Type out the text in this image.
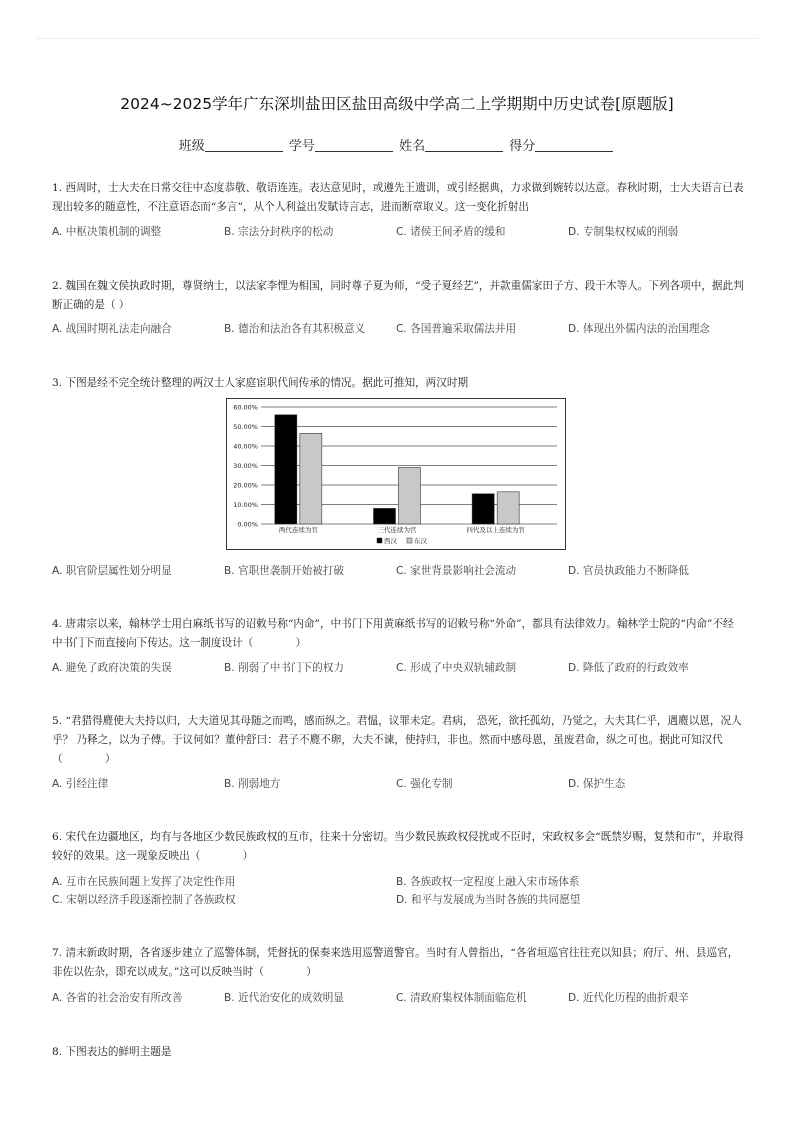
2024~2025学年广东深圳盐田区盐田高级中学高二上学期期中历史试卷[原题版]
班级	学号	姓名	得分
1. 西周时，士大夫在日常交往中态度恭敬、敬语连连。表达意见时，或遵先王遗训，或引经据典，力求做到婉转以达意。春秋时期，士大夫语言已表现出较多的随意性，不注意语态而“多言”，从个人利益出发賦诗言志，进而断章取义。这一变化折射出
A. 中枢决策机制的调整	B. 宗法分封秩序的松动	C. 诸侯王间矛盾的缓和	D. 专制集权权威的削弱
2. 魏国在魏文侯执政时期，尊贤纳士，以法家李悝为相国，同时尊子夏为师，“受子夏经艺”，并款重儒家田子方、段干木等人。下列各项中，据此判断正确的是（ ）
A. 战国时期礼法走向融合	B. 德治和法治各有其积极意义	C. 各国普遍采取儒法并用	D. 体现出外儒内法的治国理念
3. 下图是经不完全统计整理的两汉士人家庭宦职代间传承的情况。据此可推知，两汉时期
60.00%
50.00%
40.00%
30.00%
20.00%
10.00%
0.00%
两代连续为官	三代连续为官	四代及以上连续为官
西汉	东汉
A. 职官阶层属性划分明显	B. 官职世袭制开始被打破	C. 家世背景影响社会流动	D. 官员执政能力不断降低
4. 唐肃宗以来，翰林学士用白麻纸书写的诏敕号称“内命”，中书门下用黄麻纸书写的诏敕号称“外命”，都具有法律效力。翰林学士院的“内命”不经中书门下而直接向下传达。这一制度设计（　　　　）
A. 避免了政府决策的失误	B. 削弱了中书门下的权力	C. 形成了中央双轨辅政制	D. 降低了政府的行政效率
5. “君猎得麑使大夫持以归，大夫道见其母随之而鸣，感而纵之。君愠，议罪未定。君病， 恐死，欲托孤幼，乃觉之，大夫其仁乎，遇麑以恩，况人乎？ 乃释之，以为子傅。于议何如？董仲舒曰：君子不麑不卵，大夫不谏，使持归，非也。然而中感母恩，虽废君命，纵之可也。据此可知汉代（　　　　）
A. 引经注律	B. 削弱地方	C. 强化专制	D. 保护生态
6. 宋代在边疆地区，均有与各地区少数民族政权的互市，往来十分密切。当少数民族政权侵扰或不臣时，宋政权多会“既禁岁赐，复禁和市”，并取得较好的效果。这一现象反映出（　　　　）
A. 互市在民族间题上发挥了决定性作用	B. 各族政权一定程度上融入宋市场体系
C. 宋朝以经济手段逐渐控制了各族政权	D. 和平与发展成为当时各族的共同愿望
7. 清末新政时期，各省逐步建立了巡警体制，凭督抚的保奏来选用巡警道警官。当时有人曾指出，“各省垣巡官往往充以知县；府厅、州、县巡官，非佐以佐杂，即充以成友。”这可以反映当时（　　　　）
A. 各省的社会治安有所改善	B. 近代治安化的成效明显	C. 清政府集权体制面临危机	D. 近代化历程的曲折艰辛
8. 下图表达的鲜明主题是
